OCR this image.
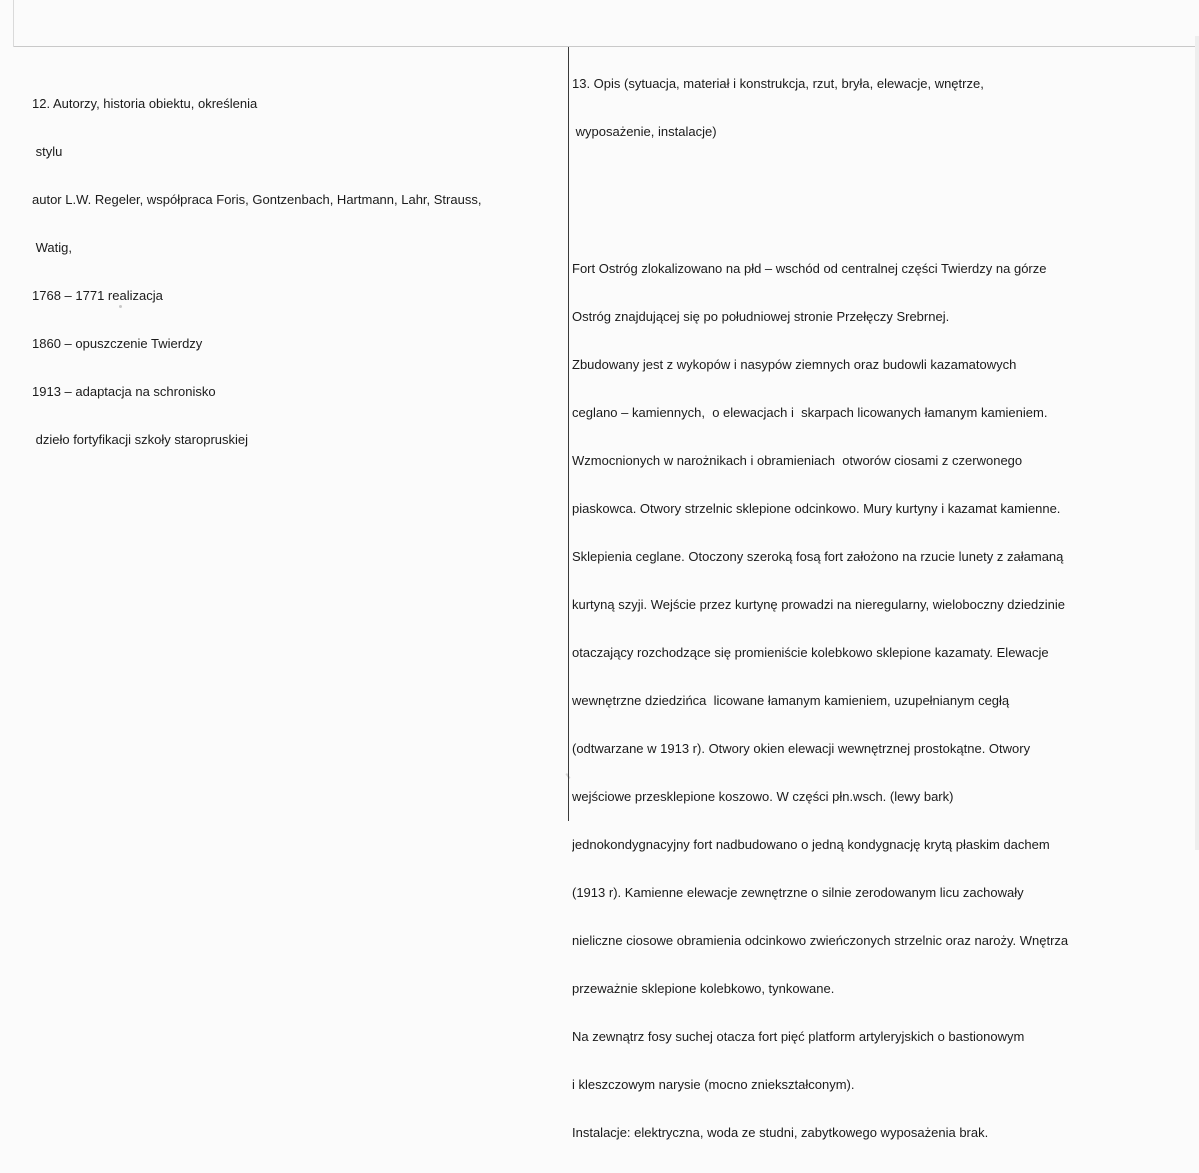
12. Autorzy, historia obiektu, określenia

stylu

autor L.W. Regeler, współpraca Foris, Gontzenbach, Hartmann, Lahr, Strauss,

Watig,

1768 – 1771 realizacja

1860 – opuszczenie Twierdzy

1913 – adaptacja na schronisko

dzieło fortyfikacji szkoły staropruskiej

13. Opis (sytuacja, materiał i konstrukcja, rzut, bryła, elewacje, wnętrze,

wyposażenie, instalacje)

Fort Ostróg zlokalizowano na płd – wschód od centralnej części Twierdzy na górze

Ostróg znajdującej się po południowej stronie Przełęczy Srebrnej.

Zbudowany jest z wykopów i nasypów ziemnych oraz budowli kazamatowych

ceglano – kamiennych,  o elewacjach i  skarpach licowanych łamanym kamieniem.

Wzmocnionych w narożnikach i obramieniach  otworów ciosami z czerwonego

piaskowca. Otwory strzelnic sklepione odcinkowo. Mury kurtyny i kazamat kamienne.

Sklepienia ceglane. Otoczony szeroką fosą fort założono na rzucie lunety z załamaną

kurtyną szyji. Wejście przez kurtynę prowadzi na nieregularny, wieloboczny dziedzinie

otaczający rozchodzące się promieniście kolebkowo sklepione kazamaty. Elewacje

wewnętrzne dziedzińca  licowane łamanym kamieniem, uzupełnianym cegłą

(odtwarzane w 1913 r). Otwory okien elewacji wewnętrznej prostokątne. Otwory

wejściowe przesklepione koszowo. W części płn.wsch. (lewy bark)

jednokondygnacyjny fort nadbudowano o jedną kondygnację krytą płaskim dachem

(1913 r). Kamienne elewacje zewnętrzne o silnie zerodowanym licu zachowały

nieliczne ciosowe obramienia odcinkowo zwieńczonych strzelnic oraz naroży. Wnętrza

przeważnie sklepione kolebkowo, tynkowane.

Na zewnątrz fosy suchej otacza fort pięć platform artyleryjskich o bastionowym

i kleszczowym narysie (mocno zniekształconym).

Instalacje: elektryczna, woda ze studni, zabytkowego wyposażenia brak.
